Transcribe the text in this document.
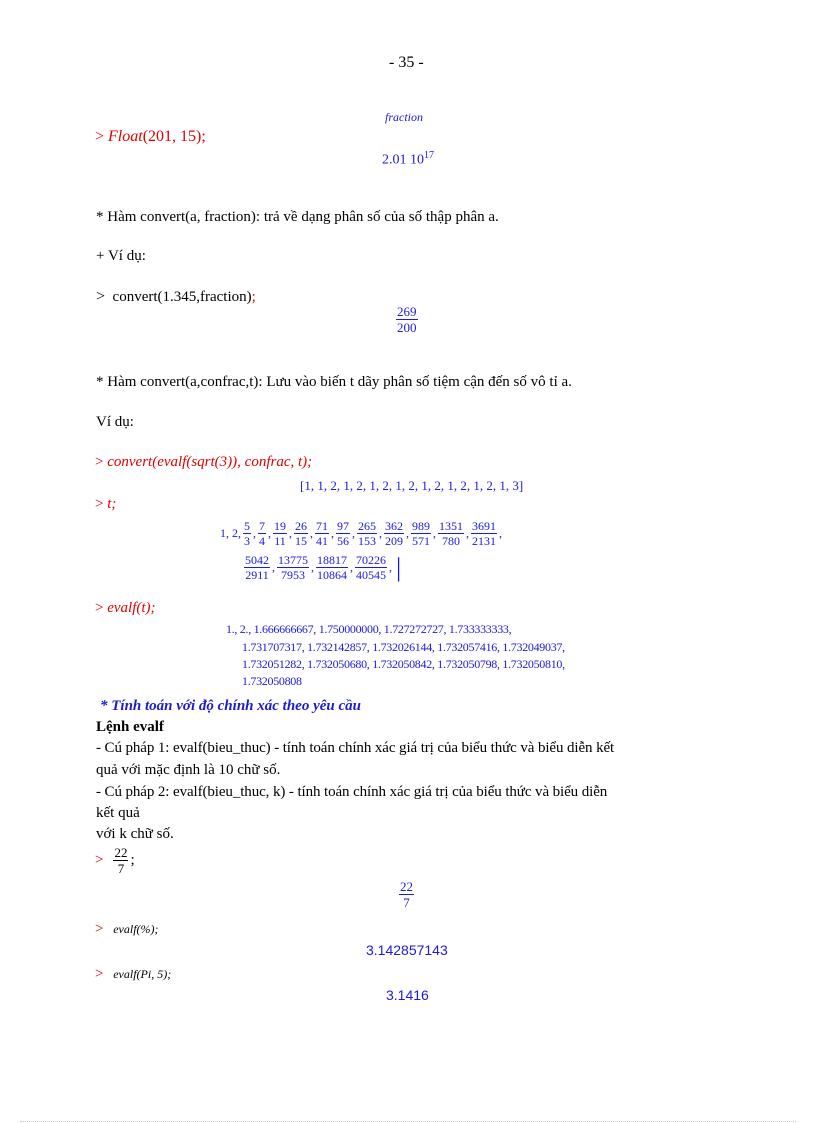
- 35 -
fraction
> Float(201, 15);
2.01 $10^{17}$
* Hàm convert(a, fraction): trả về dạng phân số của số thập phân a.
+ Ví dụ:
> convert(1.345,fraction);
$\frac{269}{200}$
* Hàm convert(a,confrac,t): Lưu vào biến t dãy phân số tiệm cận đến số vô tỉ a.
Ví dụ:
> convert(evalf(sqrt(3)), confrac, t);
[1, 1, 2, 1, 2, 1, 2, 1, 2, 1, 2, 1, 2, 1, 2, 1, 3]
> t;
1, 2, $\frac{5}{3}$ , $\frac{7}{4}$ , $\frac{19}{11}$ , $\frac{26}{15}$ , $\frac{71}{41}$ , $\frac{97}{56}$ , $\frac{265}{153}$ , $\frac{362}{209}$ , $\frac{989}{571}$ , $\frac{1351}{780}$ , $\frac{3691}{2131}$ ,
$\frac{5042}{2911}$ , $\frac{13775}{7953}$ , $\frac{18817}{10864}$ , $\frac{70226}{40545}$ , |
> evalf(t);
1., 2., 1.666666667, 1.750000000, 1.727272727, 1.733333333,
1.731707317, 1.732142857, 1.732026144, 1.732057416, 1.732049037,
1.732051282, 1.732050680, 1.732050842, 1.732050798, 1.732050810,
1.732050808
* Tính toán với độ chính xác theo yêu cầu
Lệnh evalf
- Cú pháp 1: evalf(bieu_thuc) - tính toán chính xác giá trị của biểu thức và biểu diễn kết
quả với mặc định là 10 chữ số.
- Cú pháp 2: evalf(bieu_thuc, k) - tính toán chính xác giá trị của biểu thức và biểu diễn
kết quả
với k chữ số.
> $\frac{22}{7}$ ;
$\frac{22}{7}$
> evalf(%);
3.142857143
> evalf(Pi, 5);
3.1416
